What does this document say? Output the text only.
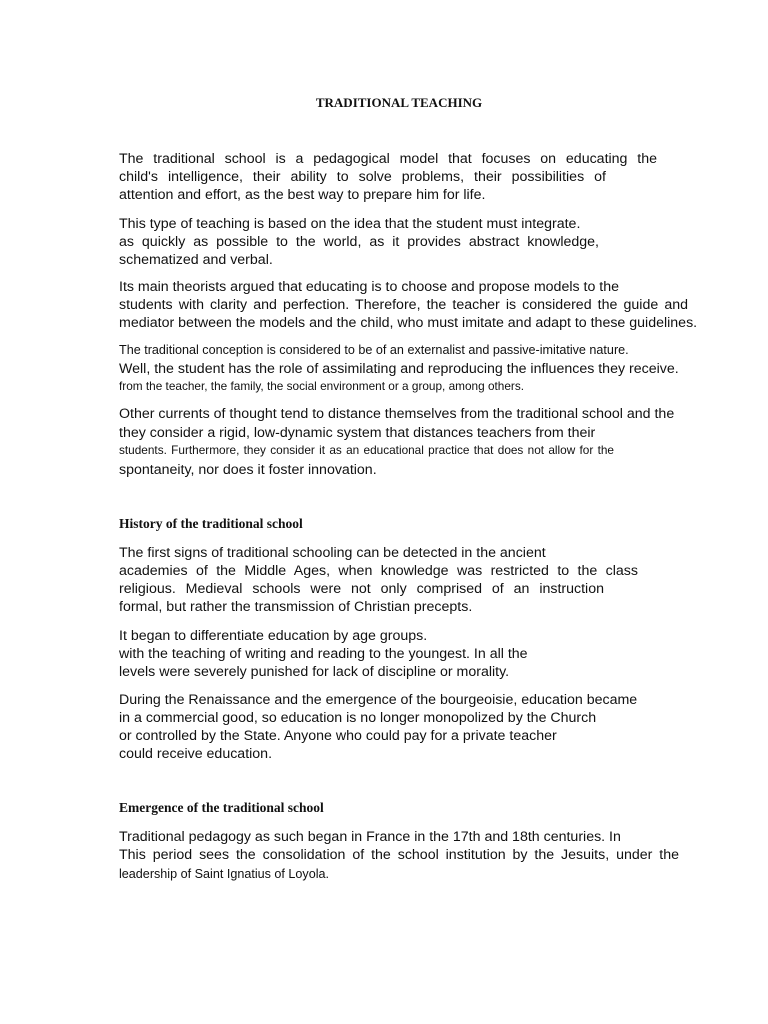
TRADITIONAL TEACHING
The traditional school is a pedagogical model that focuses on educating the
child's intelligence, their ability to solve problems, their possibilities of
attention and effort, as the best way to prepare him for life.
This type of teaching is based on the idea that the student must integrate.
as quickly as possible to the world, as it provides abstract knowledge,
schematized and verbal.
Its main theorists argued that educating is to choose and propose models to the
students with clarity and perfection. Therefore, the teacher is considered the guide and
mediator between the models and the child, who must imitate and adapt to these guidelines.
The traditional conception is considered to be of an externalist and passive-imitative nature.
Well, the student has the role of assimilating and reproducing the influences they receive.
from the teacher, the family, the social environment or a group, among others.
Other currents of thought tend to distance themselves from the traditional school and the
they consider a rigid, low-dynamic system that distances teachers from their
students. Furthermore, they consider it as an educational practice that does not allow for the
spontaneity, nor does it foster innovation.
History of the traditional school
The first signs of traditional schooling can be detected in the ancient
academies of the Middle Ages, when knowledge was restricted to the class
religious. Medieval schools were not only comprised of an instruction
formal, but rather the transmission of Christian precepts.
It began to differentiate education by age groups.
with the teaching of writing and reading to the youngest. In all the
levels were severely punished for lack of discipline or morality.
During the Renaissance and the emergence of the bourgeoisie, education became
in a commercial good, so education is no longer monopolized by the Church
or controlled by the State. Anyone who could pay for a private teacher
could receive education.
Emergence of the traditional school
Traditional pedagogy as such began in France in the 17th and 18th centuries. In
This period sees the consolidation of the school institution by the Jesuits, under the
leadership of Saint Ignatius of Loyola.
